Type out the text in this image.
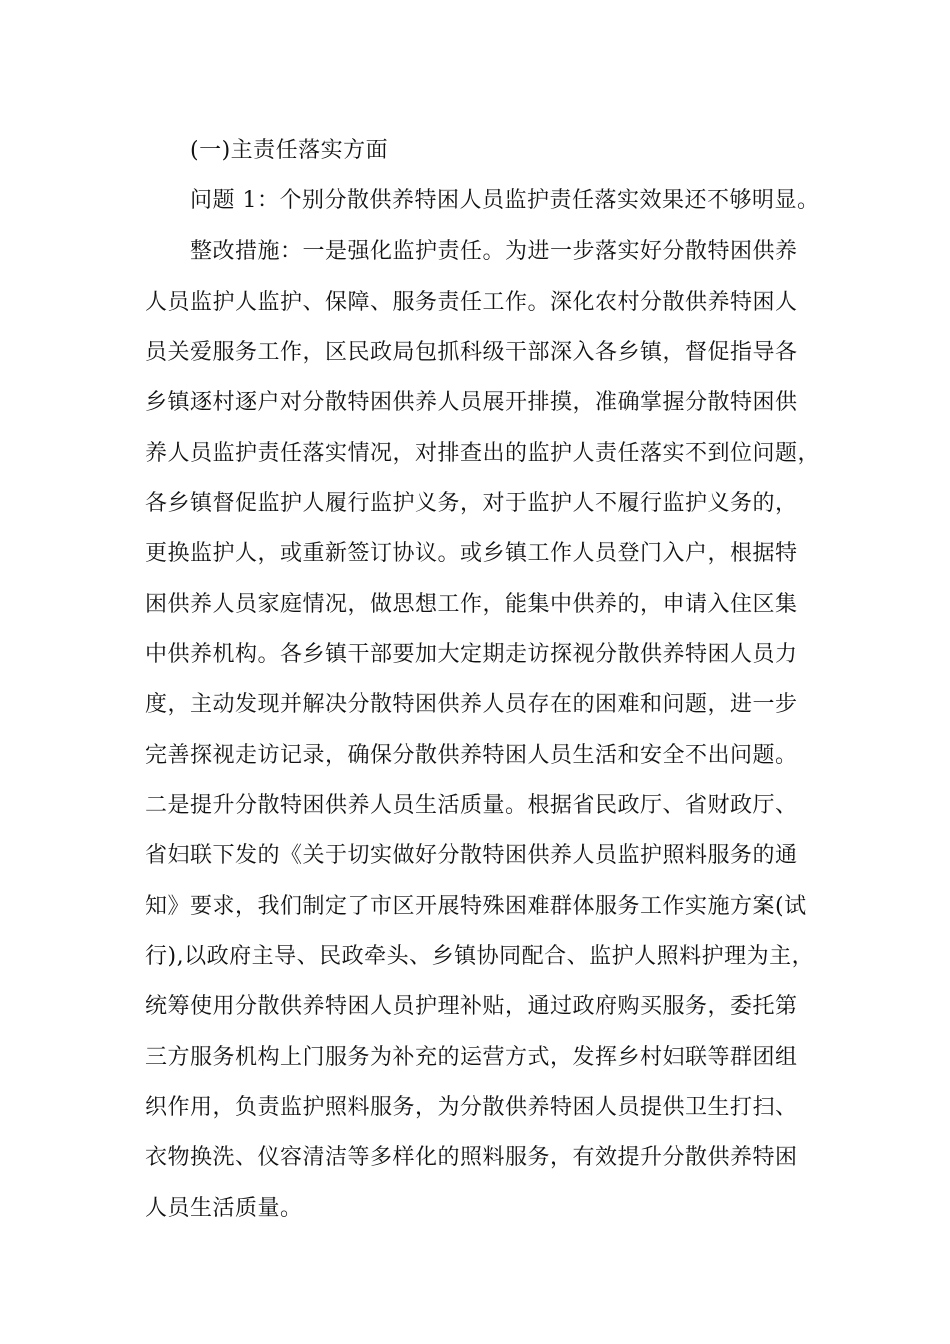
(一)主责任落实方面
问题 1：个别分散供养特困人员监护责任落实效果还不够明显。
整改措施：一是强化监护责任。为进一步落实好分散特困供养
人员监护人监护、保障、服务责任工作。深化农村分散供养特困人
员关爱服务工作，区民政局包抓科级干部深入各乡镇，督促指导各
乡镇逐村逐户对分散特困供养人员展开排摸，准确掌握分散特困供
养人员监护责任落实情况，对排查出的监护人责任落实不到位问题，
各乡镇督促监护人履行监护义务，对于监护人不履行监护义务的，
更换监护人，或重新签订协议。或乡镇工作人员登门入户，根据特
困供养人员家庭情况，做思想工作，能集中供养的，申请入住区集
中供养机构。各乡镇干部要加大定期走访探视分散供养特困人员力
度，主动发现并解决分散特困供养人员存在的困难和问题，进一步
完善探视走访记录，确保分散供养特困人员生活和安全不出问题。
二是提升分散特困供养人员生活质量。根据省民政厅、省财政厅、
省妇联下发的《关于切实做好分散特困供养人员监护照料服务的通
知》要求，我们制定了市区开展特殊困难群体服务工作实施方案(试
行),以政府主导、民政牵头、乡镇协同配合、监护人照料护理为主，
统筹使用分散供养特困人员护理补贴，通过政府购买服务，委托第
三方服务机构上门服务为补充的运营方式，发挥乡村妇联等群团组
织作用，负责监护照料服务，为分散供养特困人员提供卫生打扫、
衣物换洗、仪容清洁等多样化的照料服务，有效提升分散供养特困
人员生活质量。
